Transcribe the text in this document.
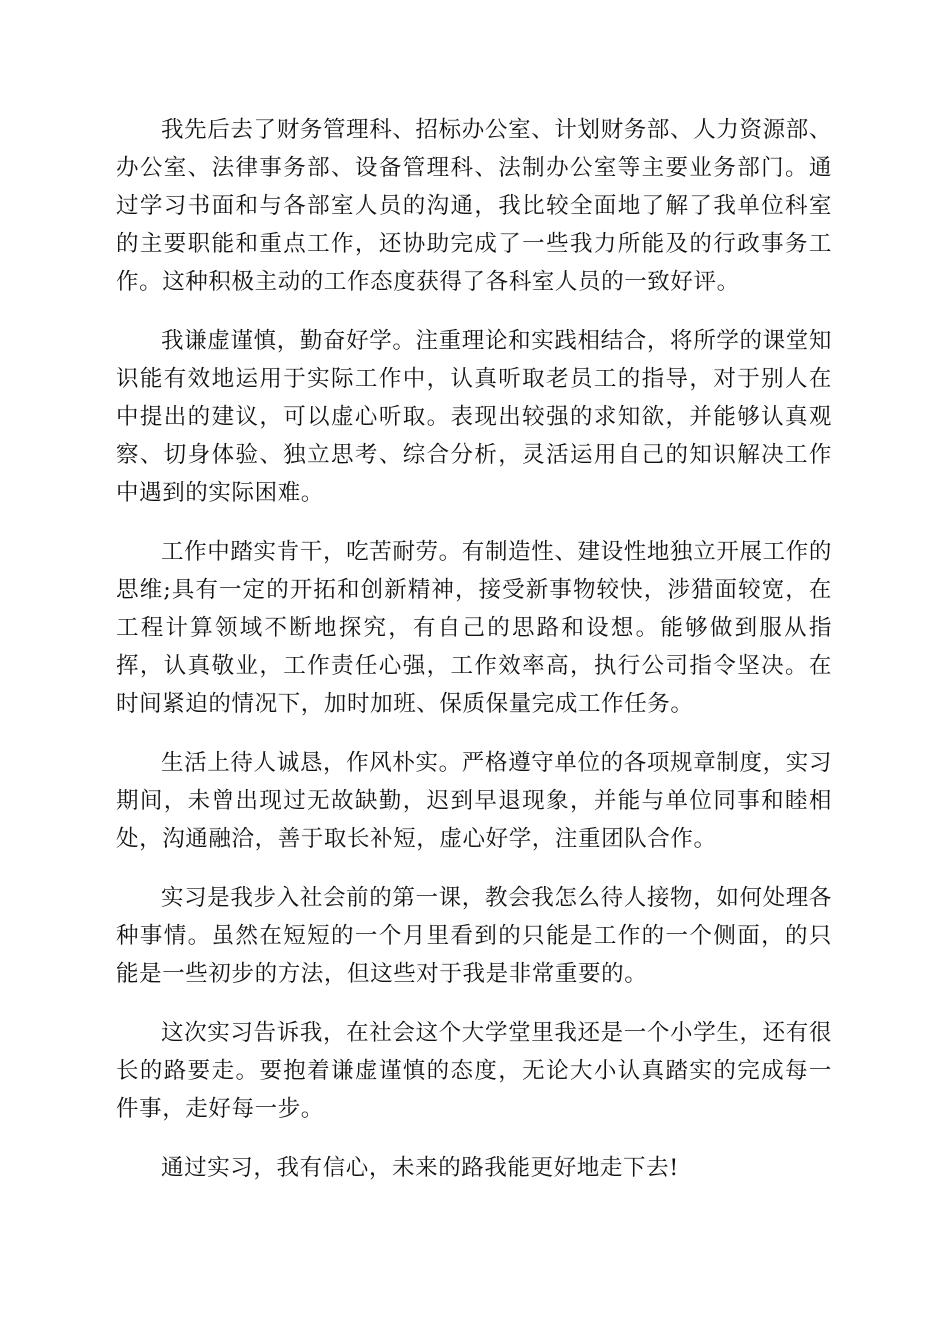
我先后去了财务管理科、招标办公室、计划财务部、人力资源部、办公室、法律事务部、设备管理科、法制办公室等主要业务部门。通过学习书面和与各部室人员的沟通，我比较全面地了解了我单位科室的主要职能和重点工作，还协助完成了一些我力所能及的行政事务工作。这种积极主动的工作态度获得了各科室人员的一致好评。

我谦虚谨慎，勤奋好学。注重理论和实践相结合，将所学的课堂知识能有效地运用于实际工作中，认真听取老员工的指导，对于别人在中提出的建议，可以虚心听取。表现出较强的求知欲，并能够认真观察、切身体验、独立思考、综合分析，灵活运用自己的知识解决工作中遇到的实际困难。

工作中踏实肯干，吃苦耐劳。有制造性、建设性地独立开展工作的思维;具有一定的开拓和创新精神，接受新事物较快，涉猎面较宽，在工程计算领域不断地探究，有自己的思路和设想。能够做到服从指挥，认真敬业，工作责任心强，工作效率高，执行公司指令坚决。在时间紧迫的情况下，加时加班、保质保量完成工作任务。

生活上待人诚恳，作风朴实。严格遵守单位的各项规章制度，实习期间，未曾出现过无故缺勤，迟到早退现象，并能与单位同事和睦相处，沟通融洽，善于取长补短，虚心好学，注重团队合作。

实习是我步入社会前的第一课，教会我怎么待人接物，如何处理各种事情。虽然在短短的一个月里看到的只能是工作的一个侧面，的只能是一些初步的方法，但这些对于我是非常重要的。

这次实习告诉我，在社会这个大学堂里我还是一个小学生，还有很长的路要走。要抱着谦虚谨慎的态度，无论大小认真踏实的完成每一件事，走好每一步。

通过实习，我有信心，未来的路我能更好地走下去!
